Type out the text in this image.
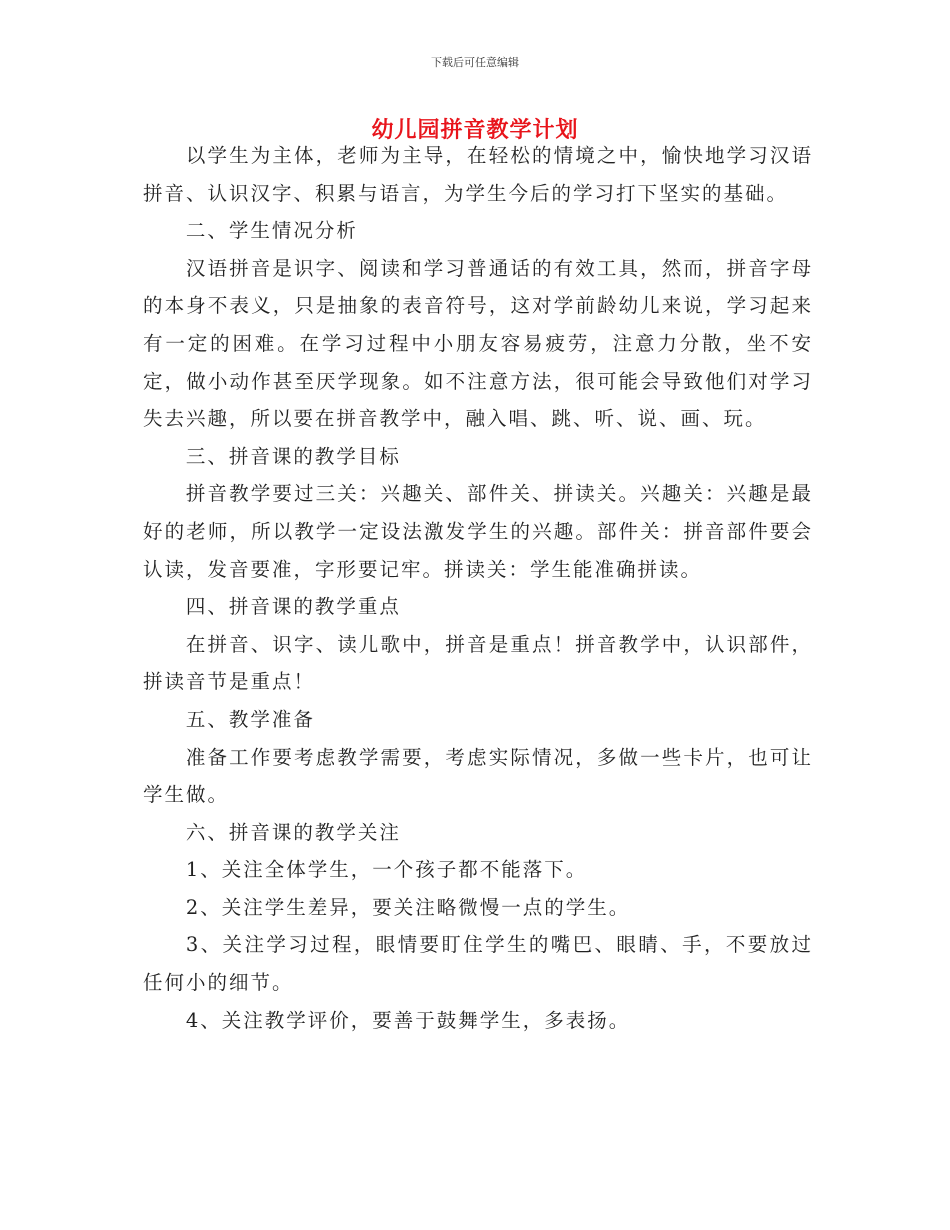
下载后可任意编辑
幼儿园拼音教学计划

以学生为主体，老师为主导，在轻松的情境之中，愉快地学习汉语拼音、认识汉字、积累与语言，为学生今后的学习打下坚实的基础。

二、学生情况分析

汉语拼音是识字、阅读和学习普通话的有效工具，然而，拼音字母的本身不表义，只是抽象的表音符号，这对学前龄幼儿来说，学习起来有一定的困难。在学习过程中小朋友容易疲劳，注意力分散，坐不安定，做小动作甚至厌学现象。如不注意方法，很可能会导致他们对学习失去兴趣，所以要在拼音教学中，融入唱、跳、听、说、画、玩。

三、拼音课的教学目标

拼音教学要过三关：兴趣关、部件关、拼读关。兴趣关：兴趣是最好的老师，所以教学一定设法激发学生的兴趣。部件关：拼音部件要会认读，发音要准，字形要记牢。拼读关：学生能准确拼读。

四、拼音课的教学重点

在拼音、识字、读儿歌中，拼音是重点！拼音教学中，认识部件，拼读音节是重点！

五、教学准备

准备工作要考虑教学需要，考虑实际情况，多做一些卡片，也可让学生做。

六、拼音课的教学关注

1、关注全体学生，一个孩子都不能落下。

2、关注学生差异，要关注略微慢一点的学生。

3、关注学习过程，眼情要盯住学生的嘴巴、眼睛、手，不要放过任何小的细节。

4、关注教学评价，要善于鼓舞学生，多表扬。
